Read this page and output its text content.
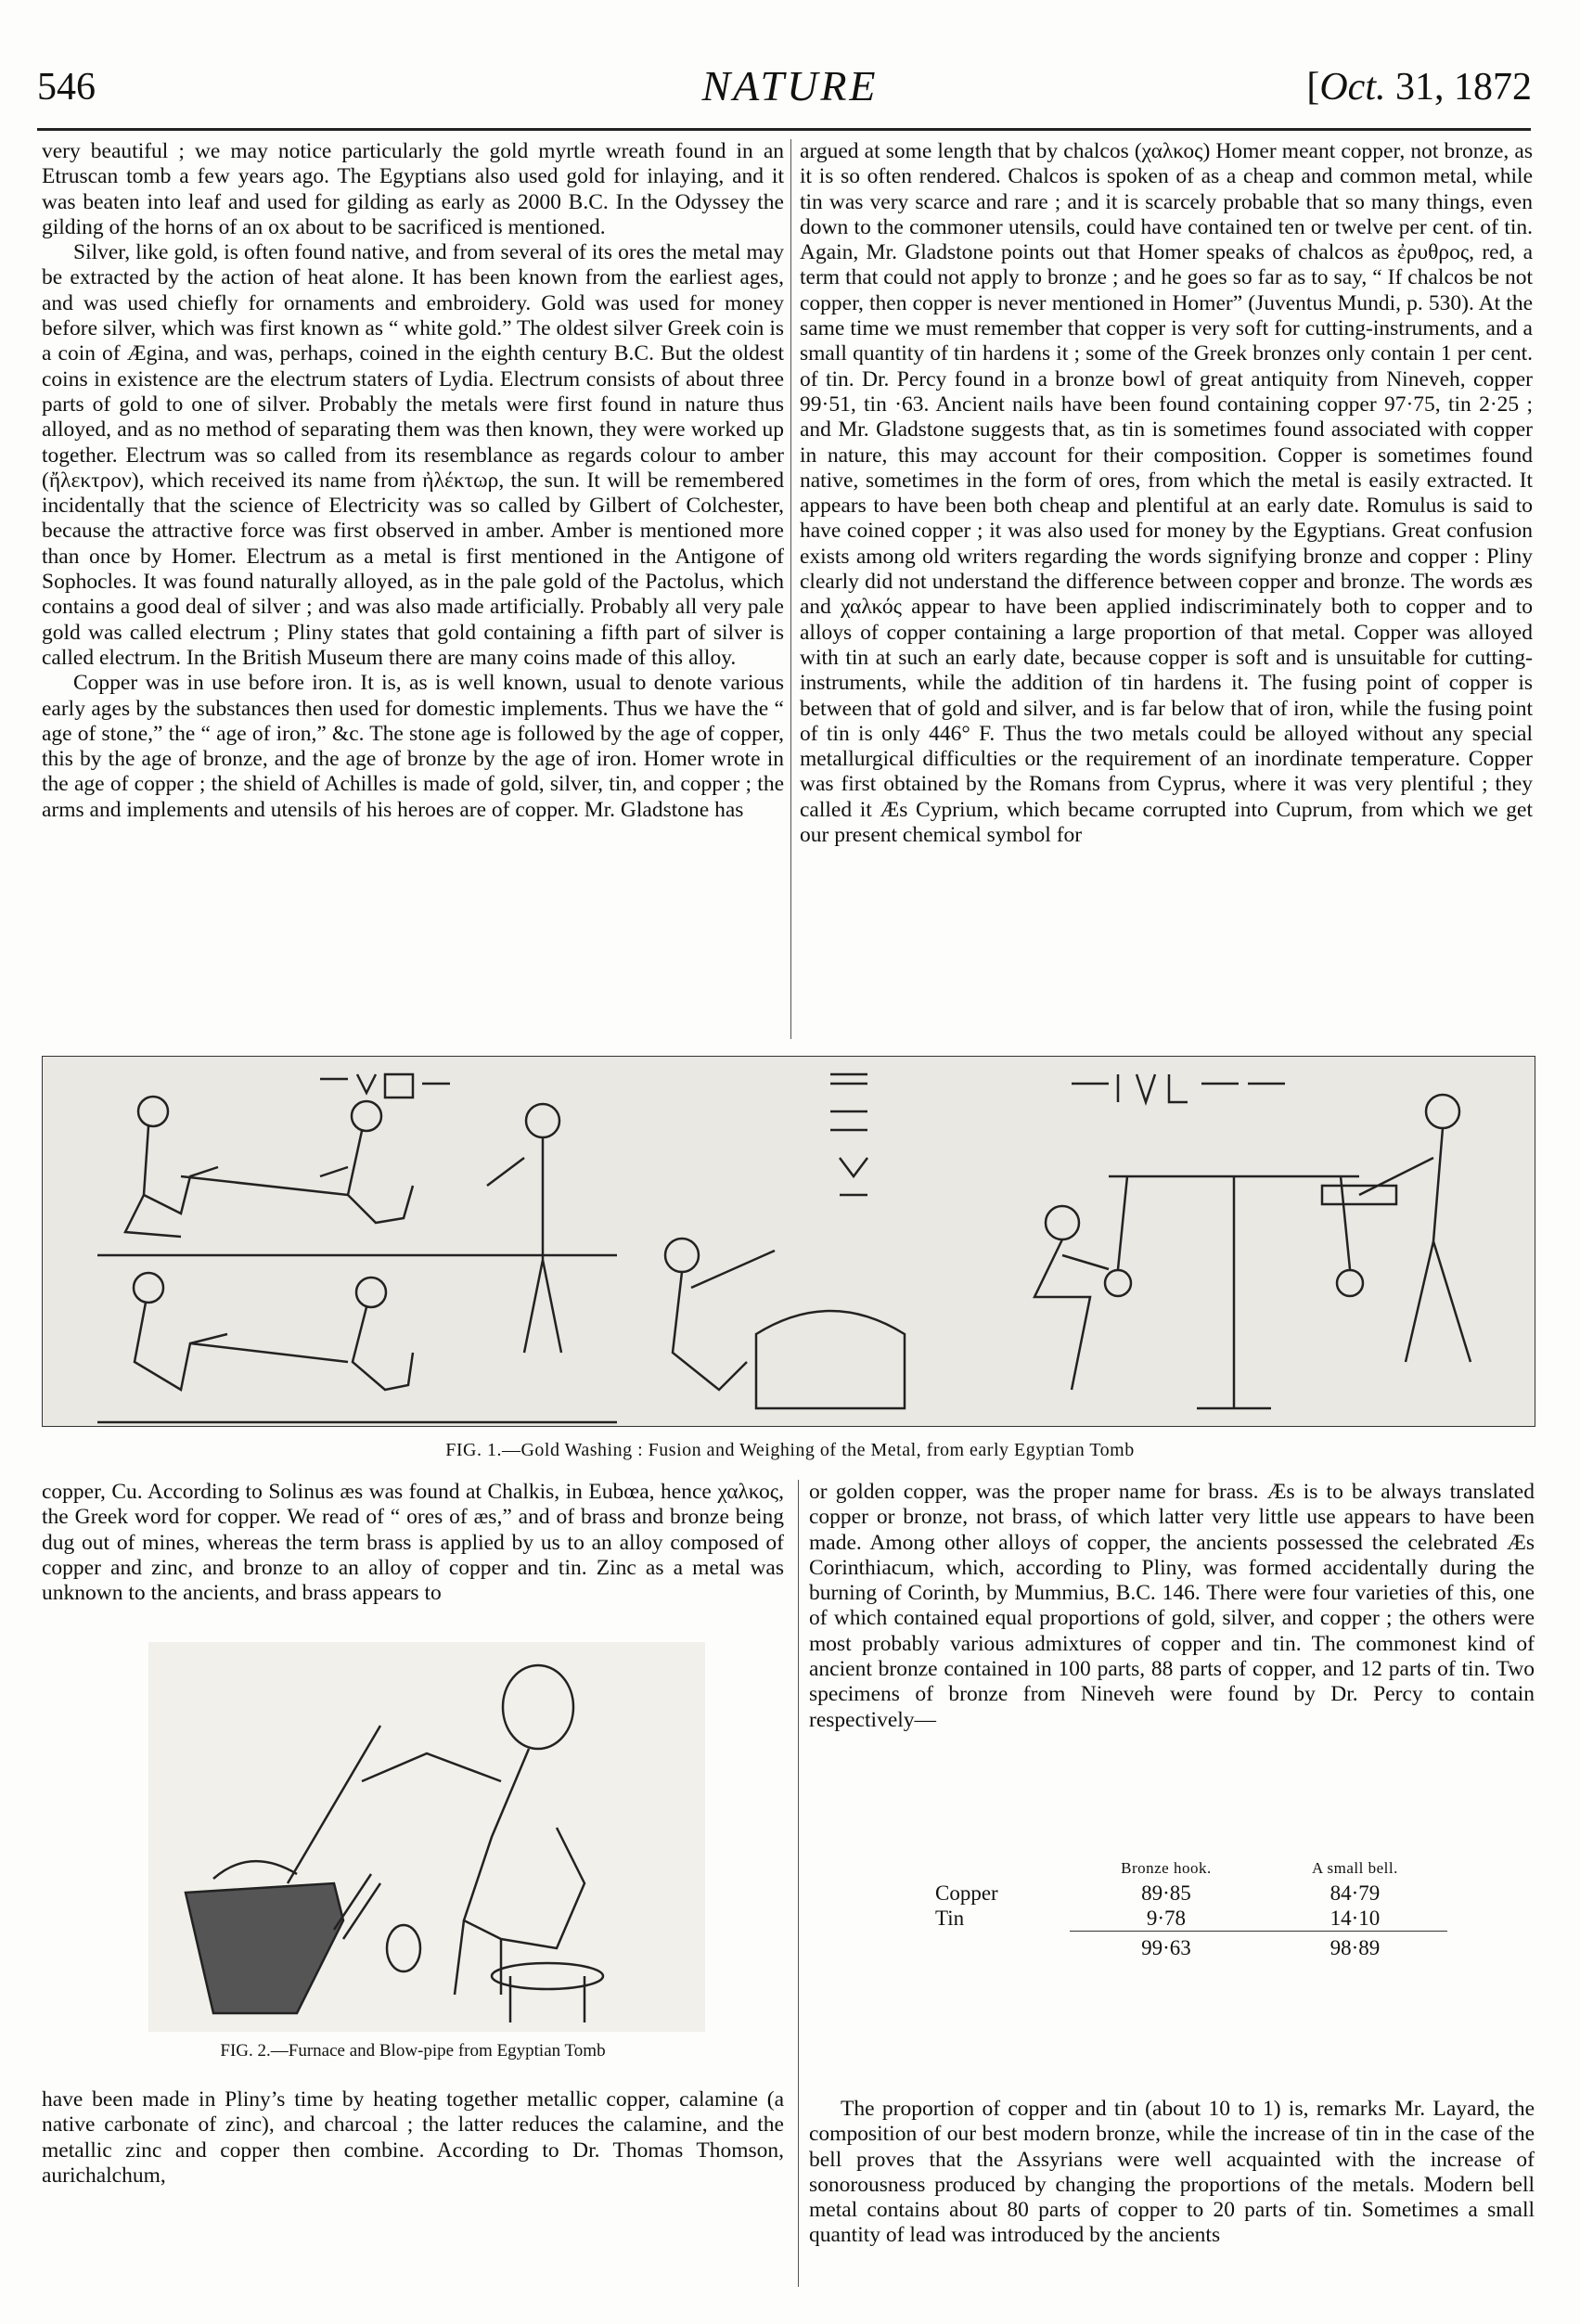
546	NATURE	[Oct. 31, 1872

very beautiful ; we may notice particularly the gold myrtle wreath found in an Etruscan tomb a few years ago. The Egyptians also used gold for inlaying, and it was beaten into leaf and used for gilding as early as 2000 B.C. In the Odyssey the gilding of the horns of an ox about to be sacrificed is mentioned.

Silver, like gold, is often found native, and from several of its ores the metal may be extracted by the action of heat alone. It has been known from the earliest ages, and was used chiefly for ornaments and embroidery. Gold was used for money before silver, which was first known as “ white gold.” The oldest silver Greek coin is a coin of Ægina, and was, perhaps, coined in the eighth century B.C. But the oldest coins in existence are the electrum staters of Lydia. Electrum consists of about three parts of gold to one of silver. Probably the metals were first found in nature thus alloyed, and as no method of separating them was then known, they were worked up together. Electrum was so called from its resemblance as regards colour to amber (ἤλεκτρον), which received its name from ἠλέκτωρ, the sun. It will be remembered incidentally that the science of Electricity was so called by Gilbert of Colchester, because the attractive force was first observed in amber. Amber is mentioned more than once by Homer. Electrum as a metal is first mentioned in the Antigone of Sophocles. It was found naturally alloyed, as in the pale gold of the Pactolus, which contains a good deal of silver ; and was also made artificially. Probably all very pale gold was called electrum ; Pliny states that gold containing a fifth part of silver is called electrum. In the British Museum there are many coins made of this alloy.

Copper was in use before iron. It is, as is well known, usual to denote various early ages by the substances then used for domestic implements. Thus we have the “ age of stone,” the “ age of iron,” &c. The stone age is followed by the age of copper, this by the age of bronze, and the age of bronze by the age of iron. Homer wrote in the age of copper ; the shield of Achilles is made of gold, silver, tin, and copper ; the arms and implements and utensils of his heroes are of copper. Mr. Gladstone has

argued at some length that by chalcos (χαλκος) Homer meant copper, not bronze, as it is so often rendered. Chalcos is spoken of as a cheap and common metal, while tin was very scarce and rare ; and it is scarcely probable that so many things, even down to the commoner utensils, could have contained ten or twelve per cent. of tin. Again, Mr. Gladstone points out that Homer speaks of chalcos as ἐρυθρος, red, a term that could not apply to bronze ; and he goes so far as to say, “ If chalcos be not copper, then copper is never mentioned in Homer” (Juventus Mundi, p. 530). At the same time we must remember that copper is very soft for cutting-instruments, and a small quantity of tin hardens it ; some of the Greek bronzes only contain 1 per cent. of tin. Dr. Percy found in a bronze bowl of great antiquity from Nineveh, copper 99·51, tin ·63. Ancient nails have been found containing copper 97·75, tin 2·25 ; and Mr. Gladstone suggests that, as tin is sometimes found associated with copper in nature, this may account for their composition. Copper is sometimes found native, sometimes in the form of ores, from which the metal is easily extracted. It appears to have been both cheap and plentiful at an early date. Romulus is said to have coined copper ; it was also used for money by the Egyptians. Great confusion exists among old writers regarding the words signifying bronze and copper : Pliny clearly did not understand the difference between copper and bronze. The words æs and χαλκός appear to have been applied indiscriminately both to copper and to alloys of copper containing a large proportion of that metal. Copper was alloyed with tin at such an early date, because copper is soft and is unsuitable for cutting-instruments, while the addition of tin hardens it. The fusing point of copper is between that of gold and silver, and is far below that of iron, while the fusing point of tin is only 446° F. Thus the two metals could be alloyed without any special metallurgical difficulties or the requirement of an inordinate temperature. Copper was first obtained by the Romans from Cyprus, where it was very plentiful ; they called it Æs Cyprium, which became corrupted into Cuprum, from which we get our present chemical symbol for

FIG. 1.—Gold Washing : Fusion and Weighing of the Metal, from early Egyptian Tomb

copper, Cu. According to Solinus æs was found at Chalkis, in Eubœa, hence χαλκος, the Greek word for copper. We read of “ ores of æs,” and of brass and bronze being dug out of mines, whereas the term brass is applied by us to an alloy composed of copper and zinc, and bronze to an alloy of copper and tin. Zinc as a metal was unknown to the ancients, and brass appears to

FIG. 2.—Furnace and Blow-pipe from Egyptian Tomb

have been made in Pliny’s time by heating together metallic copper, calamine (a native carbonate of zinc), and charcoal ; the latter reduces the calamine, and the metallic zinc and copper then combine. According to Dr. Thomas Thomson, aurichalchum,

or golden copper, was the proper name for brass. Æs is to be always translated copper or bronze, not brass, of which latter very little use appears to have been made. Among other alloys of copper, the ancients possessed the celebrated Æs Corinthiacum, which, according to Pliny, was formed accidentally during the burning of Corinth, by Mummius, B.C. 146. There were four varieties of this, one of which contained equal proportions of gold, silver, and copper ; the others were most probably various admixtures of copper and tin. The commonest kind of ancient bronze contained in 100 parts, 88 parts of copper, and 12 parts of tin. Two specimens of bronze from Nineveh were found by Dr. Percy to contain respectively—

	Bronze hook.	A small bell.
Copper	89·85	84·79
Tin	9·78	14·10
	99·63	98·89

The proportion of copper and tin (about 10 to 1) is, remarks Mr. Layard, the composition of our best modern bronze, while the increase of tin in the case of the bell proves that the Assyrians were well acquainted with the increase of sonorousness produced by changing the proportions of the metals. Modern bell metal contains about 80 parts of copper to 20 parts of tin. Sometimes a small quantity of lead was introduced by the ancients
